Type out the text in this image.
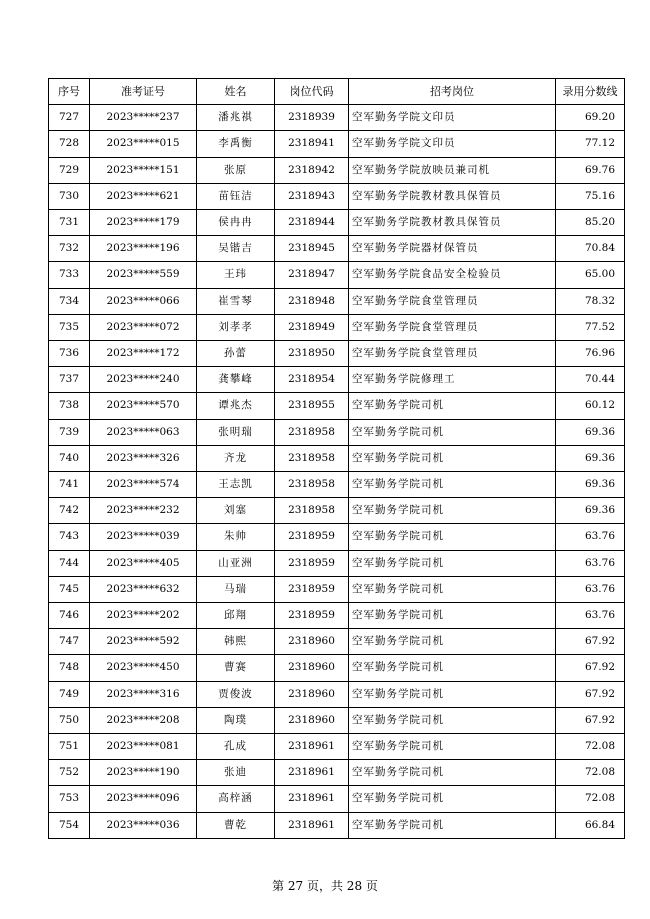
序号	准考证号	姓名	岗位代码	招考岗位	录用分数线
727	2023*****237	潘兆祺	2318939	空军勤务学院文印员	69.20
728	2023*****015	李禹衡	2318941	空军勤务学院文印员	77.12
729	2023*****151	张原	2318942	空军勤务学院放映员兼司机	69.76
730	2023*****621	苗钰洁	2318943	空军勤务学院教材教具保管员	75.16
731	2023*****179	侯冉冉	2318944	空军勤务学院教材教具保管员	85.20
732	2023*****196	吴锴吉	2318945	空军勤务学院器材保管员	70.84
733	2023*****559	王玮	2318947	空军勤务学院食品安全检验员	65.00
734	2023*****066	崔雪琴	2318948	空军勤务学院食堂管理员	78.32
735	2023*****072	刘孝孝	2318949	空军勤务学院食堂管理员	77.52
736	2023*****172	孙蕾	2318950	空军勤务学院食堂管理员	76.96
737	2023*****240	龚攀峰	2318954	空军勤务学院修理工	70.44
738	2023*****570	谭兆杰	2318955	空军勤务学院司机	60.12
739	2023*****063	张明瑞	2318958	空军勤务学院司机	69.36
740	2023*****326	齐龙	2318958	空军勤务学院司机	69.36
741	2023*****574	王志凯	2318958	空军勤务学院司机	69.36
742	2023*****232	刘塞	2318958	空军勤务学院司机	69.36
743	2023*****039	朱帅	2318959	空军勤务学院司机	63.76
744	2023*****405	山亚洲	2318959	空军勤务学院司机	63.76
745	2023*****632	马瑞	2318959	空军勤务学院司机	63.76
746	2023*****202	邱翔	2318959	空军勤务学院司机	63.76
747	2023*****592	韩熙	2318960	空军勤务学院司机	67.92
748	2023*****450	曹赛	2318960	空军勤务学院司机	67.92
749	2023*****316	贾俊波	2318960	空军勤务学院司机	67.92
750	2023*****208	陶璞	2318960	空军勤务学院司机	67.92
751	2023*****081	孔成	2318961	空军勤务学院司机	72.08
752	2023*****190	张迪	2318961	空军勤务学院司机	72.08
753	2023*****096	高梓涵	2318961	空军勤务学院司机	72.08
754	2023*****036	曹乾	2318961	空军勤务学院司机	66.84
第 27 页，共 28 页
